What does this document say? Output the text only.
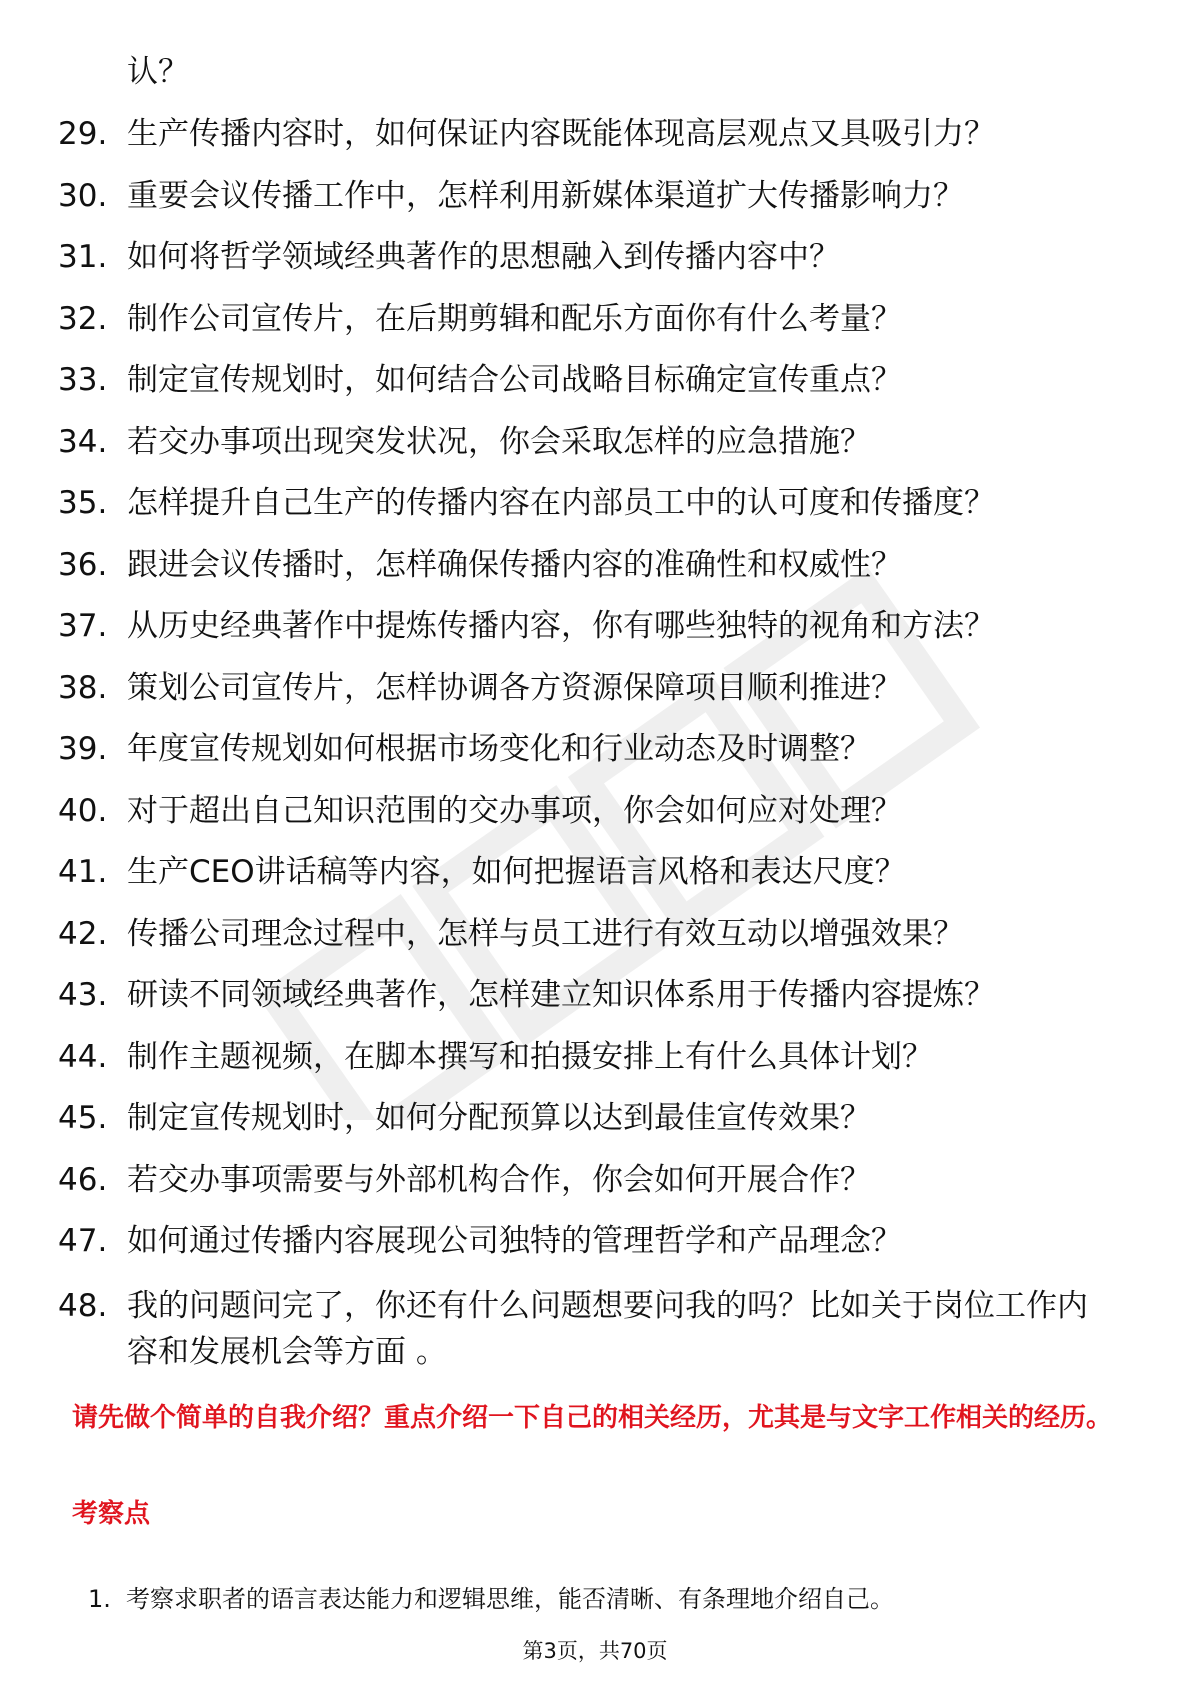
认？
29. 生产传播内容时，如何保证内容既能体现高层观点又具吸引力？
30. 重要会议传播工作中，怎样利用新媒体渠道扩大传播影响力？
31. 如何将哲学领域经典著作的思想融入到传播内容中？
32. 制作公司宣传片，在后期剪辑和配乐方面你有什么考量？
33. 制定宣传规划时，如何结合公司战略目标确定宣传重点？
34. 若交办事项出现突发状况，你会采取怎样的应急措施？
35. 怎样提升自己生产的传播内容在内部员工中的认可度和传播度？
36. 跟进会议传播时，怎样确保传播内容的准确性和权威性？
37. 从历史经典著作中提炼传播内容，你有哪些独特的视角和方法？
38. 策划公司宣传片，怎样协调各方资源保障项目顺利推进？
39. 年度宣传规划如何根据市场变化和行业动态及时调整？
40. 对于超出自己知识范围的交办事项，你会如何应对处理？
41. 生产CEO讲话稿等内容，如何把握语言风格和表达尺度？
42. 传播公司理念过程中，怎样与员工进行有效互动以增强效果？
43. 研读不同领域经典著作，怎样建立知识体系用于传播内容提炼？
44. 制作主题视频，在脚本撰写和拍摄安排上有什么具体计划？
45. 制定宣传规划时，如何分配预算以达到最佳宣传效果？
46. 若交办事项需要与外部机构合作，你会如何开展合作？
47. 如何通过传播内容展现公司独特的管理哲学和产品理念？
48. 我的问题问完了，你还有什么问题想要问我的吗？比如关于岗位工作内容和发展机会等方面 。
请先做个简单的自我介绍？重点介绍一下自己的相关经历，尤其是与文字工作相关的经历。
考察点
1. 考察求职者的语言表达能力和逻辑思维，能否清晰、有条理地介绍自己。
第3页，共70页
